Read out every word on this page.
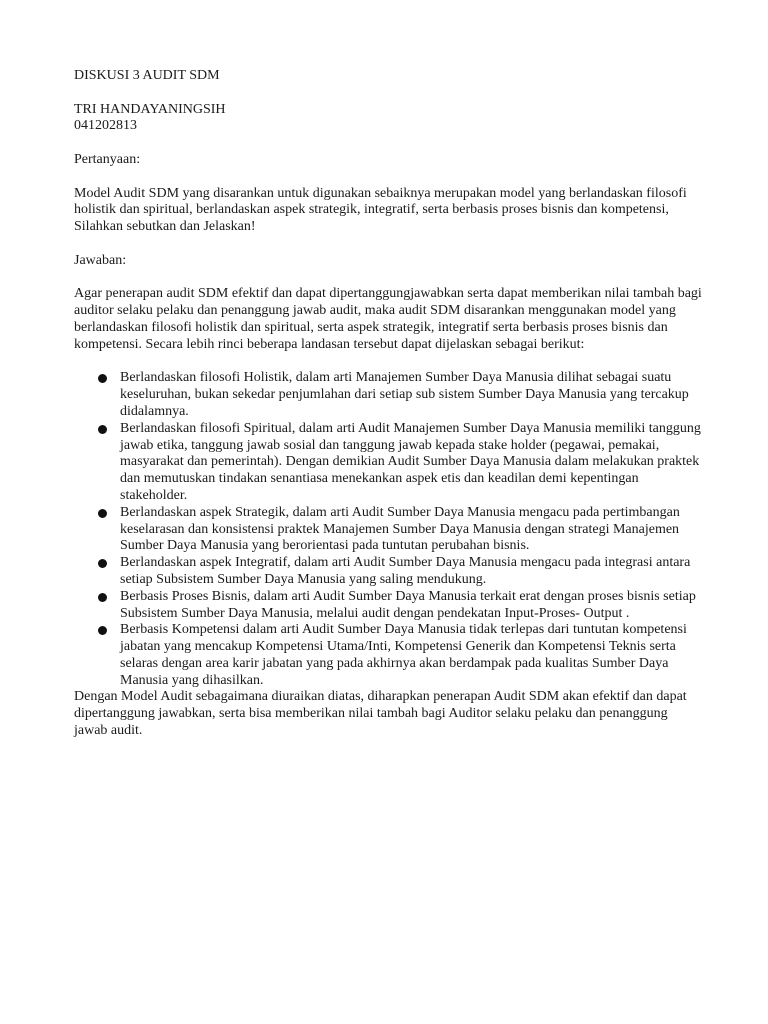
DISKUSI 3 AUDIT SDM

TRI HANDAYANINGSIH

041202813

Pertanyaan:

Model Audit SDM yang disarankan untuk digunakan sebaiknya merupakan model yang berlandaskan filosofi holistik dan spiritual, berlandaskan aspek strategik, integratif, serta berbasis proses bisnis dan kompetensi, Silahkan sebutkan dan Jelaskan!

Jawaban:

Agar penerapan audit SDM efektif dan dapat dipertanggungjawabkan serta dapat memberikan nilai tambah bagi auditor selaku pelaku dan penanggung jawab audit, maka audit SDM disarankan menggunakan model yang berlandaskan filosofi holistik dan spiritual, serta aspek strategik, integratif serta berbasis proses bisnis dan kompetensi. Secara lebih rinci beberapa landasan tersebut dapat dijelaskan sebagai berikut:

Berlandaskan filosofi Holistik, dalam arti Manajemen Sumber Daya Manusia dilihat sebagai suatu keseluruhan, bukan sekedar penjumlahan dari setiap sub sistem Sumber Daya Manusia yang tercakup didalamnya.
Berlandaskan filosofi Spiritual, dalam arti Audit Manajemen Sumber Daya Manusia memiliki tanggung jawab etika, tanggung jawab sosial dan tanggung jawab kepada stake holder (pegawai, pemakai, masyarakat dan pemerintah). Dengan demikian Audit Sumber Daya Manusia dalam melakukan praktek dan memutuskan tindakan senantiasa menekankan aspek etis dan keadilan demi kepentingan stakeholder.
Berlandaskan aspek Strategik, dalam arti Audit Sumber Daya Manusia mengacu pada pertimbangan keselarasan dan konsistensi praktek Manajemen Sumber Daya Manusia dengan strategi Manajemen Sumber Daya Manusia yang berorientasi pada tuntutan perubahan bisnis.
Berlandaskan aspek Integratif, dalam arti Audit Sumber Daya Manusia mengacu pada integrasi antara setiap Subsistem Sumber Daya Manusia yang saling mendukung.
Berbasis Proses Bisnis, dalam arti Audit Sumber Daya Manusia terkait erat dengan proses bisnis setiap Subsistem Sumber Daya Manusia, melalui audit dengan pendekatan Input-Proses- Output .
Berbasis Kompetensi dalam arti Audit Sumber Daya Manusia tidak terlepas dari tuntutan kompetensi jabatan yang mencakup Kompetensi Utama/Inti, Kompetensi Generik dan Kompetensi Teknis serta selaras dengan area karir jabatan yang pada akhirnya akan berdampak pada kualitas Sumber Daya Manusia yang dihasilkan.

Dengan Model Audit sebagaimana diuraikan diatas, diharapkan penerapan Audit SDM akan efektif dan dapat dipertanggung jawabkan, serta bisa memberikan nilai tambah bagi Auditor selaku pelaku dan penanggung jawab audit.
